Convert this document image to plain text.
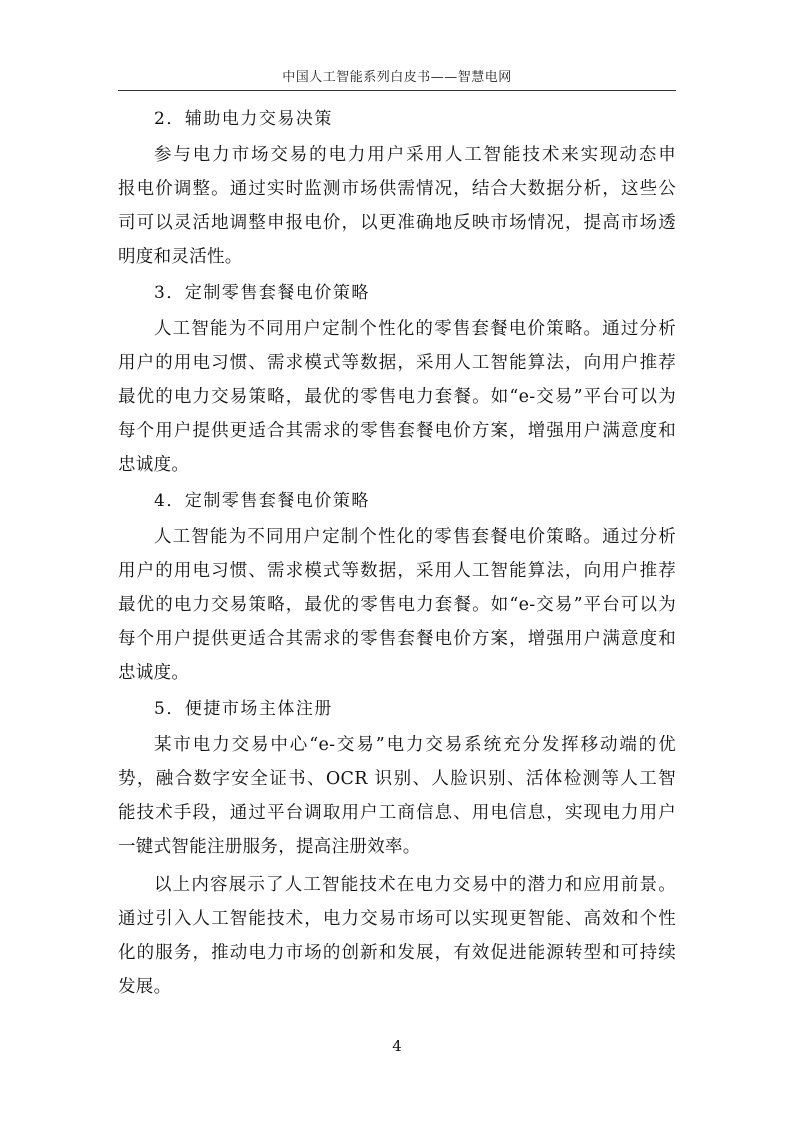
中国人工智能系列白皮书——智慧电网
2．辅助电力交易决策
参与电力市场交易的电力用户采用人工智能技术来实现动态申
报电价调整。通过实时监测市场供需情况，结合大数据分析，这些公
司可以灵活地调整申报电价，以更准确地反映市场情况，提高市场透
明度和灵活性。
3．定制零售套餐电价策略
人工智能为不同用户定制个性化的零售套餐电价策略。通过分析
用户的用电习惯、需求模式等数据，采用人工智能算法，向用户推荐
最优的电力交易策略，最优的零售电力套餐。如“e-交易”平台可以为
每个用户提供更适合其需求的零售套餐电价方案，增强用户满意度和
忠诚度。
4．定制零售套餐电价策略
人工智能为不同用户定制个性化的零售套餐电价策略。通过分析
用户的用电习惯、需求模式等数据，采用人工智能算法，向用户推荐
最优的电力交易策略，最优的零售电力套餐。如“e-交易”平台可以为
每个用户提供更适合其需求的零售套餐电价方案，增强用户满意度和
忠诚度。
5．便捷市场主体注册
某市电力交易中心“e-交易”电力交易系统充分发挥移动端的优
势，融合数字安全证书、OCR 识别、人脸识别、活体检测等人工智
能技术手段，通过平台调取用户工商信息、用电信息，实现电力用户
一键式智能注册服务，提高注册效率。
以上内容展示了人工智能技术在电力交易中的潜力和应用前景。
通过引入人工智能技术，电力交易市场可以实现更智能、高效和个性
化的服务，推动电力市场的创新和发展，有效促进能源转型和可持续
发展。
4
